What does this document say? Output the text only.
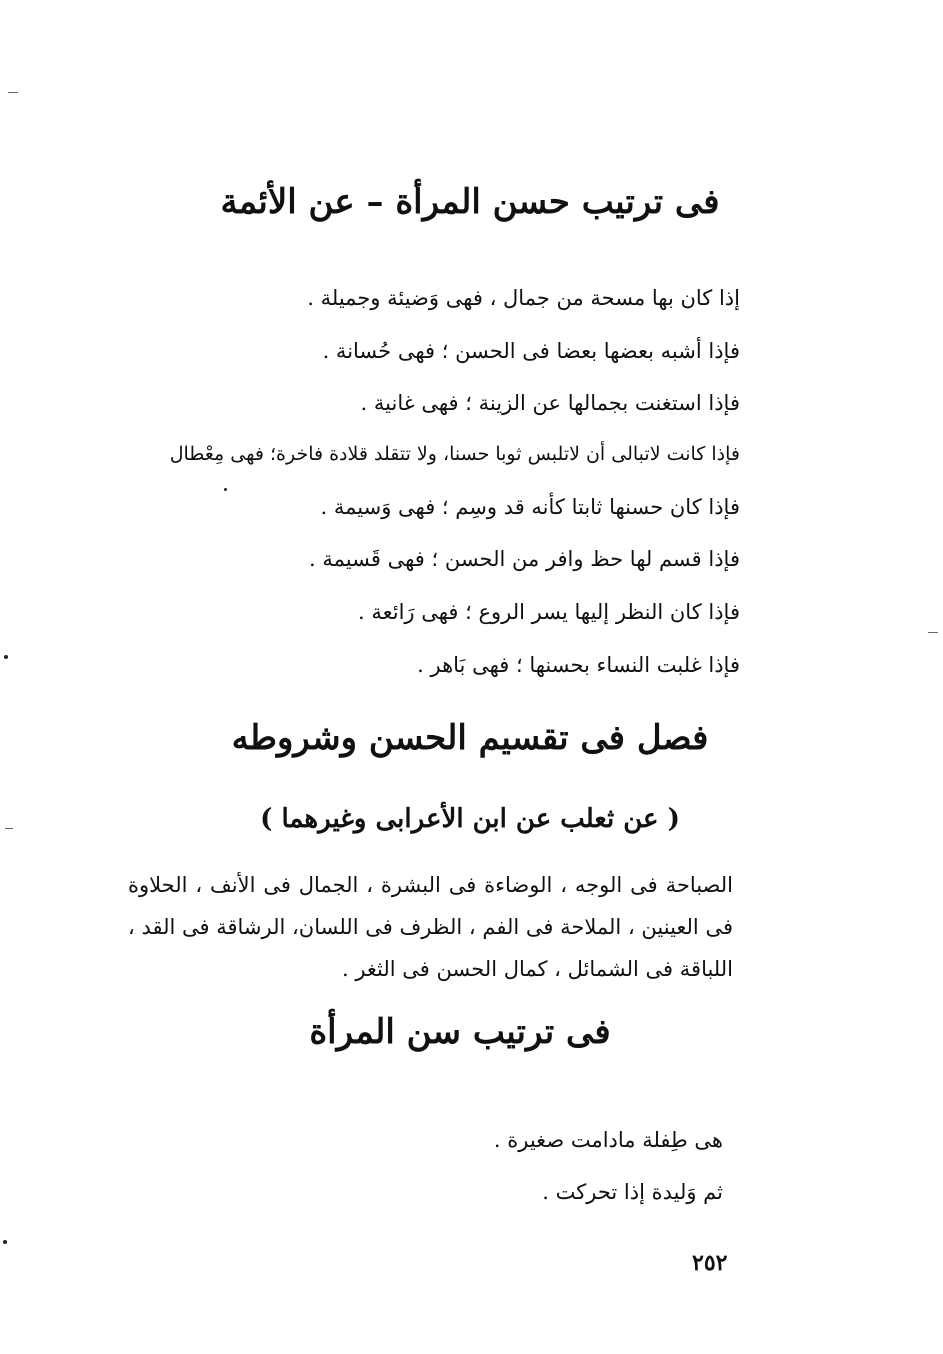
فى ترتيب حسن المرأة – عن الأئمة
إذا كان بها مسحة من جمال ، فهى وَضيئة وجميلة .
فإذا أشبه بعضها بعضا فى الحسن ؛ فهى حُسانة .
فإذا استغنت بجمالها عن الزينة ؛ فهى غانية .
فإذا كانت لاتبالى أن لاتلبس ثوبا حسنا، ولا تتقلد قلادة فاخرة؛ فهى مِعْطال
فإذا كان حسنها ثابتا كأنه قد وسِم ؛ فهى وَسيمة .
فإذا قسم لها حظ وافر من الحسن ؛ فهى قَسيمة .
فإذا كان النظر إليها يسر الروع ؛ فهى رَائعة .
فإذا غلبت النساء بحسنها ؛ فهى بَاهر .
فصل فى تقسيم الحسن وشروطه
( عن ثعلب عن ابن الأعرابى وغيرهما )
الصباحة فى الوجه ، الوضاءة فى البشرة ، الجمال فى الأنف ، الحلاوة فى العينين ، الملاحة فى الفم ، الظرف فى اللسان، الرشاقة فى القد ، اللباقة فى الشمائل ، كمال الحسن فى الثغر .
فى ترتيب سن المرأة
هى طِفلة مادامت صغيرة .
ثم وَليدة إذا تحركت .
٢٥٢
